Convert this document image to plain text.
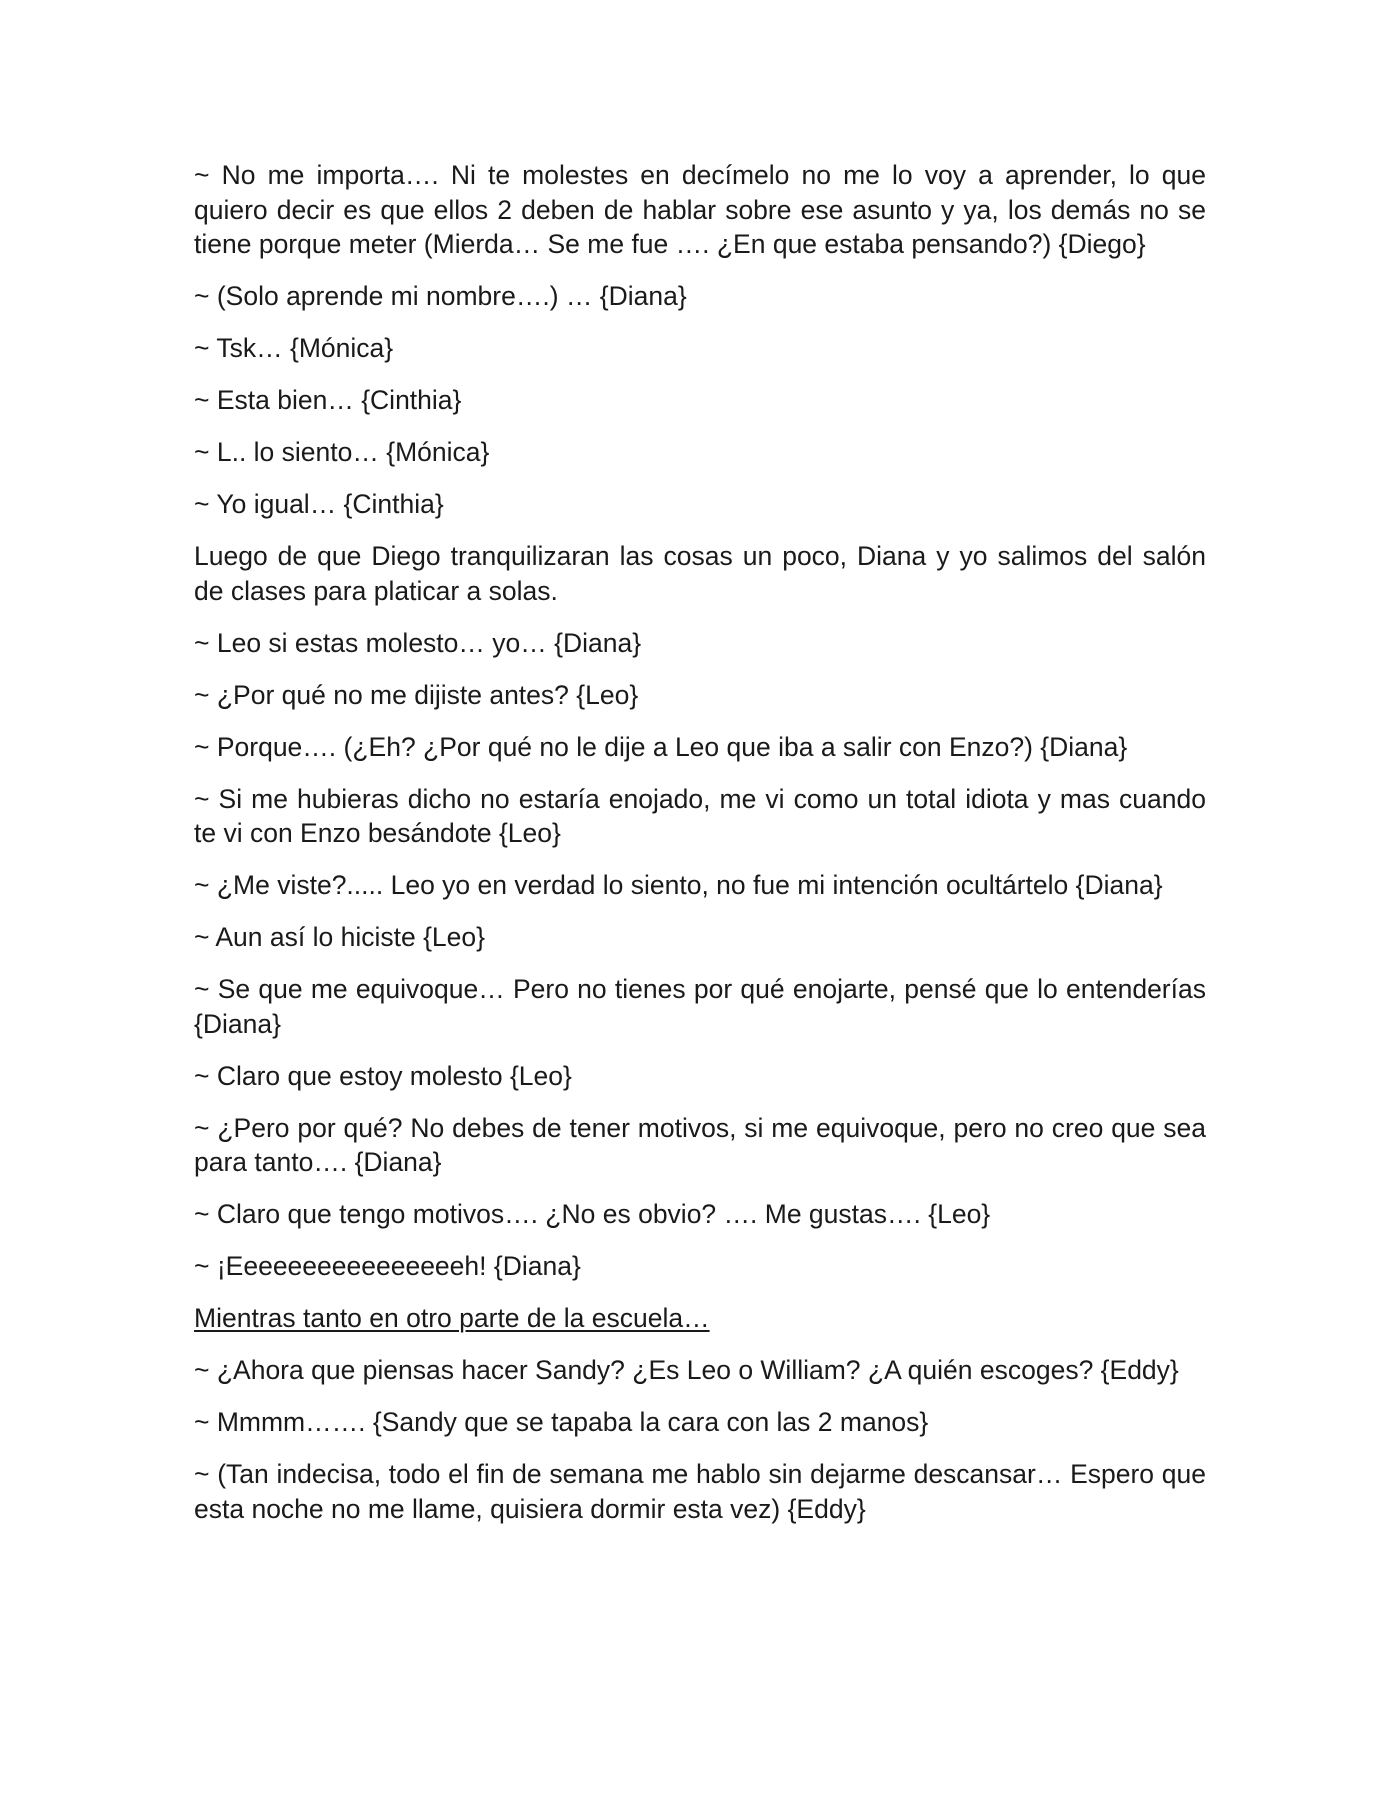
~ No me importa…. Ni te molestes en decímelo no me lo voy a aprender, lo que quiero decir es que ellos 2 deben de hablar sobre ese asunto y ya, los demás no se tiene porque meter (Mierda… Se me fue …. ¿En que estaba pensando?) {Diego}

~ (Solo aprende mi nombre….) … {Diana}

~ Tsk… {Mónica}

~ Esta bien… {Cinthia}

~ L.. lo siento… {Mónica}

~ Yo igual… {Cinthia}

Luego de que Diego tranquilizaran las cosas un poco, Diana y yo salimos del salón de clases para platicar a solas.

~ Leo si estas molesto… yo… {Diana}

~ ¿Por qué no me dijiste antes? {Leo}

~ Porque…. (¿Eh? ¿Por qué no le dije a Leo que iba a salir con Enzo?) {Diana}

~ Si me hubieras dicho no estaría enojado, me vi como un total idiota y mas cuando te vi con Enzo besándote {Leo}

~ ¿Me viste?..... Leo yo en verdad lo siento, no fue mi intención ocultártelo {Diana}

~ Aun así lo hiciste {Leo}

~ Se que me equivoque… Pero no tienes por qué enojarte, pensé que lo entenderías {Diana}

~ Claro que estoy molesto {Leo}

~ ¿Pero por qué? No debes de tener motivos, si me equivoque, pero no creo que sea para tanto…. {Diana}

~ Claro que tengo motivos…. ¿No es obvio? …. Me gustas…. {Leo}

~ ¡Eeeeeeeeeeeeeeeeh! {Diana}

Mientras tanto en otro parte de la escuela…

~ ¿Ahora que piensas hacer Sandy? ¿Es Leo o William? ¿A quién escoges? {Eddy}

~ Mmmm……. {Sandy que se tapaba la cara con las 2 manos}

~ (Tan indecisa, todo el fin de semana me hablo sin dejarme descansar… Espero que esta noche no me llame, quisiera dormir esta vez) {Eddy}
